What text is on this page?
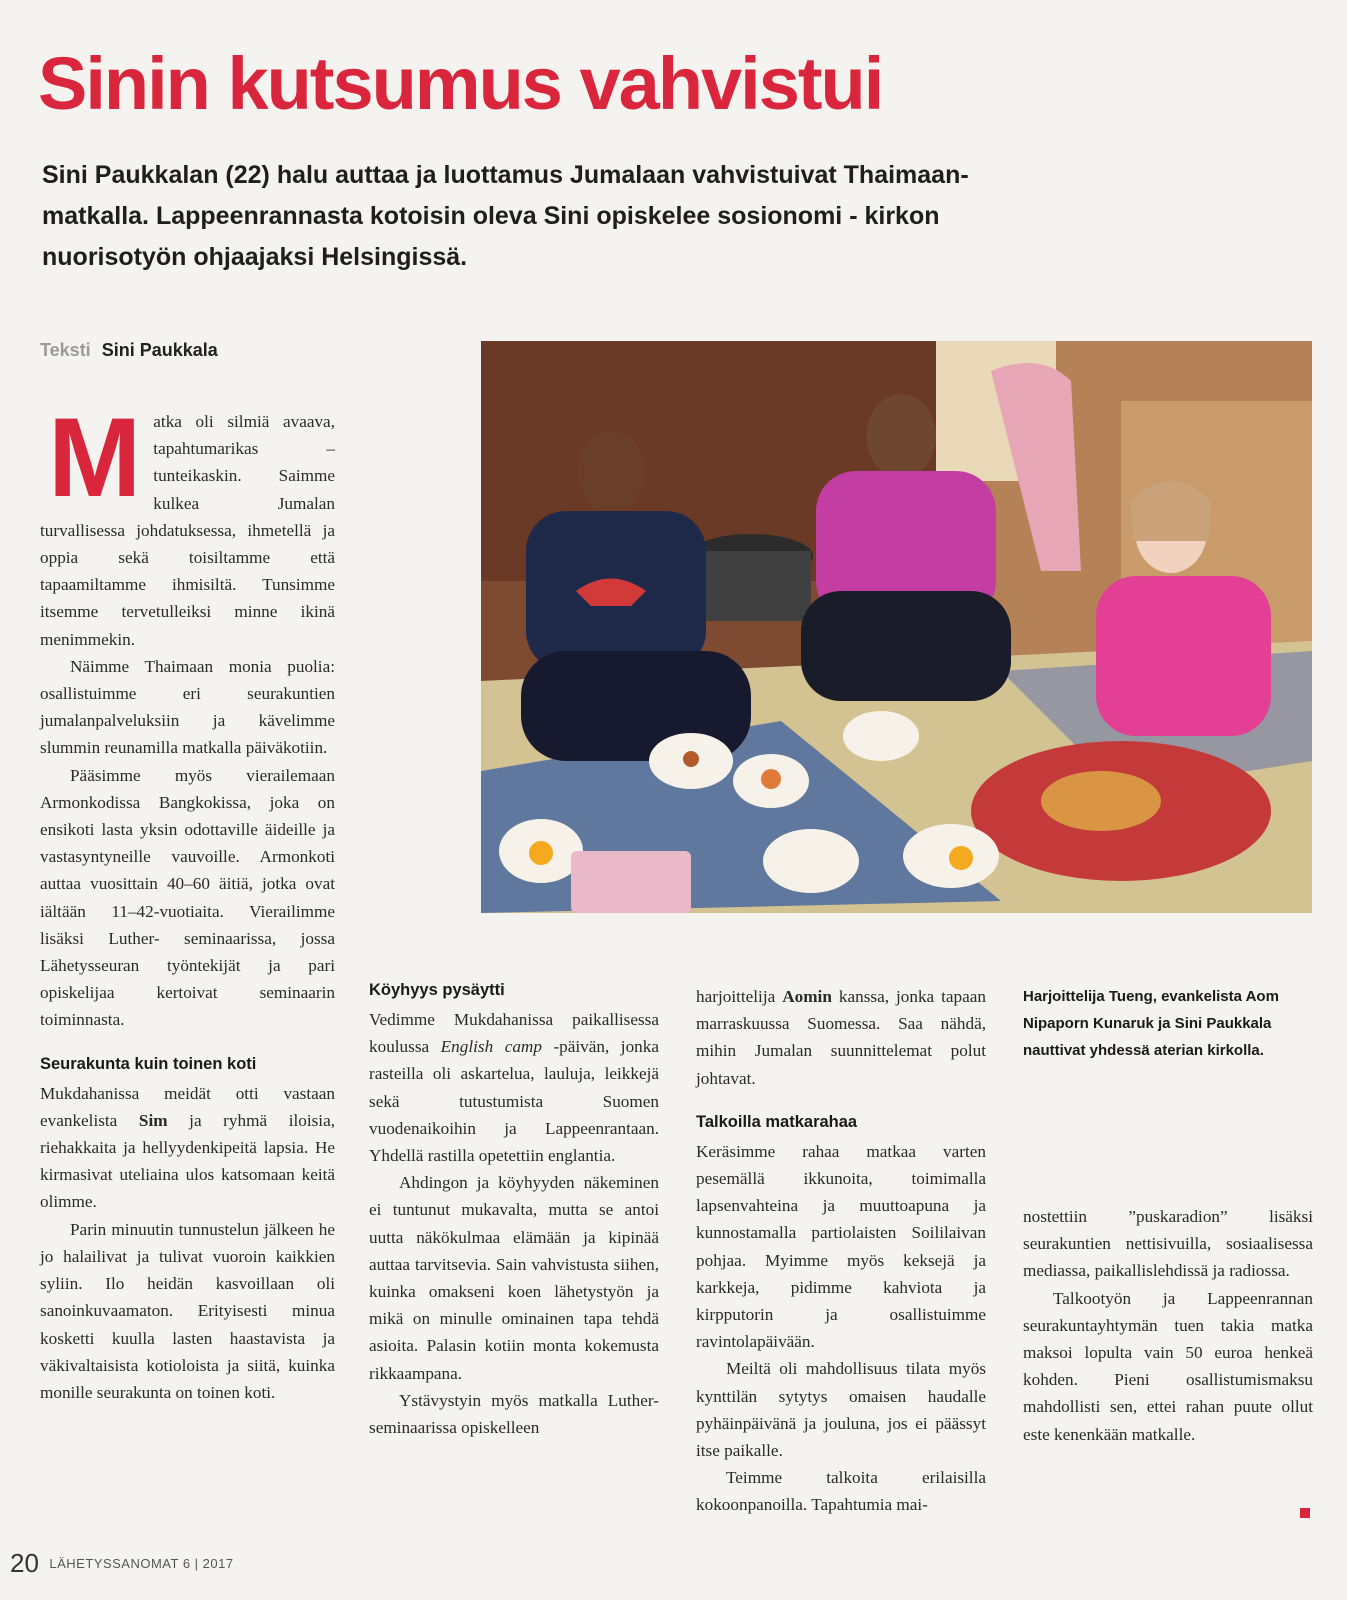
Sinin kutsumus vahvistui

Sini Paukkalan (22) halu auttaa ja luottamus Jumalaan vahvistuivat Thaimaan-matkalla. Lappeenrannasta kotoisin oleva Sini opiskelee sosionomi - kirkon nuorisotyön ohjaajaksi Helsingissä.

Teksti Sini Paukkala
M atka oli silmiä avaava, tapahtumarikas – tunteikaskin. Saimme kulkea Jumalan turvallisessa johdatuksessa, ihmetellä ja oppia sekä toisiltamme että tapaamiltamme ihmisiltä. Tunsimme itsemme tervetulleiksi minne ikinä menimmekin.

Näimme Thaimaan monia puolia: osallistuimme eri seurakuntien jumalanpalveluksiin ja kävelimme slummin reunamilla matkalla päiväkotiin.

Pääsimme myös vierailemaan Armonkodissa Bangkokissa, joka on ensikoti lasta yksin odottaville äideille ja vastasyntyneille vauvoille. Armonkoti auttaa vuosittain 40–60 äitiä, jotka ovat iältään 11–42-vuotiaita. Vierailimme lisäksi Luther- seminaarissa, jossa Lähetysseuran työntekijät ja pari opiskelijaa kertoivat seminaarin toiminnasta.

Seurakunta kuin toinen koti

Mukdahanissa meidät otti vastaan evankelista Sim ja ryhmä iloisia, riehakkaita ja hellyydenkipeitä lapsia. He kirmasivat uteliaina ulos katsomaan keitä olimme.

Parin minuutin tunnustelun jälkeen he jo halailivat ja tulivat vuoroin kaikkien syliin. Ilo heidän kasvoillaan oli sanoinkuvaamaton. Erityisesti minua kosketti kuulla lasten haastavista ja väkivaltaisista kotioloista ja siitä, kuinka monille seurakunta on toinen koti.

Köyhyys pysäytti

Vedimme Mukdahanissa paikallisessa koulussa English camp -päivän, jonka rasteilla oli askartelua, lauluja, leikkejä sekä tutustumista Suomen vuodenaikoihin ja Lappeenrantaan. Yhdellä rastilla opetettiin englantia.

Ahdingon ja köyhyyden näkeminen ei tuntunut mukavalta, mutta se antoi uutta näkökulmaa elämään ja kipinää auttaa tarvitsevia. Sain vahvistusta siihen, kuinka omakseni koen lähetystyön ja mikä on minulle ominainen tapa tehdä asioita. Palasin kotiin monta kokemusta rikkaampana.

Ystävystyin myös matkalla Luther-seminaarissa opiskelleen

harjoittelija Aomin kanssa, jonka tapaan marraskuussa Suomessa. Saa nähdä, mihin Jumalan suunnittelemat polut johtavat.

Talkoilla matkarahaa

Keräsimme rahaa matkaa varten pesemällä ikkunoita, toimimalla lapsenvahteina ja muuttoapuna ja kunnostamalla partiolaisten Soililaivan pohjaa. Myimme myös keksejä ja karkkeja, pidimme kahviota ja kirpputorin ja osallistuimme ravintolapäivään.

Meiltä oli mahdollisuus tilata myös kynttilän sytytys omaisen haudalle pyhäinpäivänä ja jouluna, jos ei päässyt itse paikalle.

Teimme talkoita erilaisilla kokoonpanoilla. Tapahtumia mai-

Harjoittelija Tueng, evankelista Aom Nipaporn Kunaruk ja Sini Paukkala nauttivat yhdessä aterian kirkolla.

nostettiin ”puskaradion” lisäksi seurakuntien nettisivuilla, sosiaalisessa mediassa, paikallislehdissä ja radiossa.

Talkootyön ja Lappeenrannan seurakuntayhtymän tuen takia matka maksoi lopulta vain 50 euroa henkeä kohden. Pieni osallistumismaksu mahdollisti sen, ettei rahan puute ollut este kenenkään matkalle.

20 LÄHETYSSANOMAT 6 | 2017
